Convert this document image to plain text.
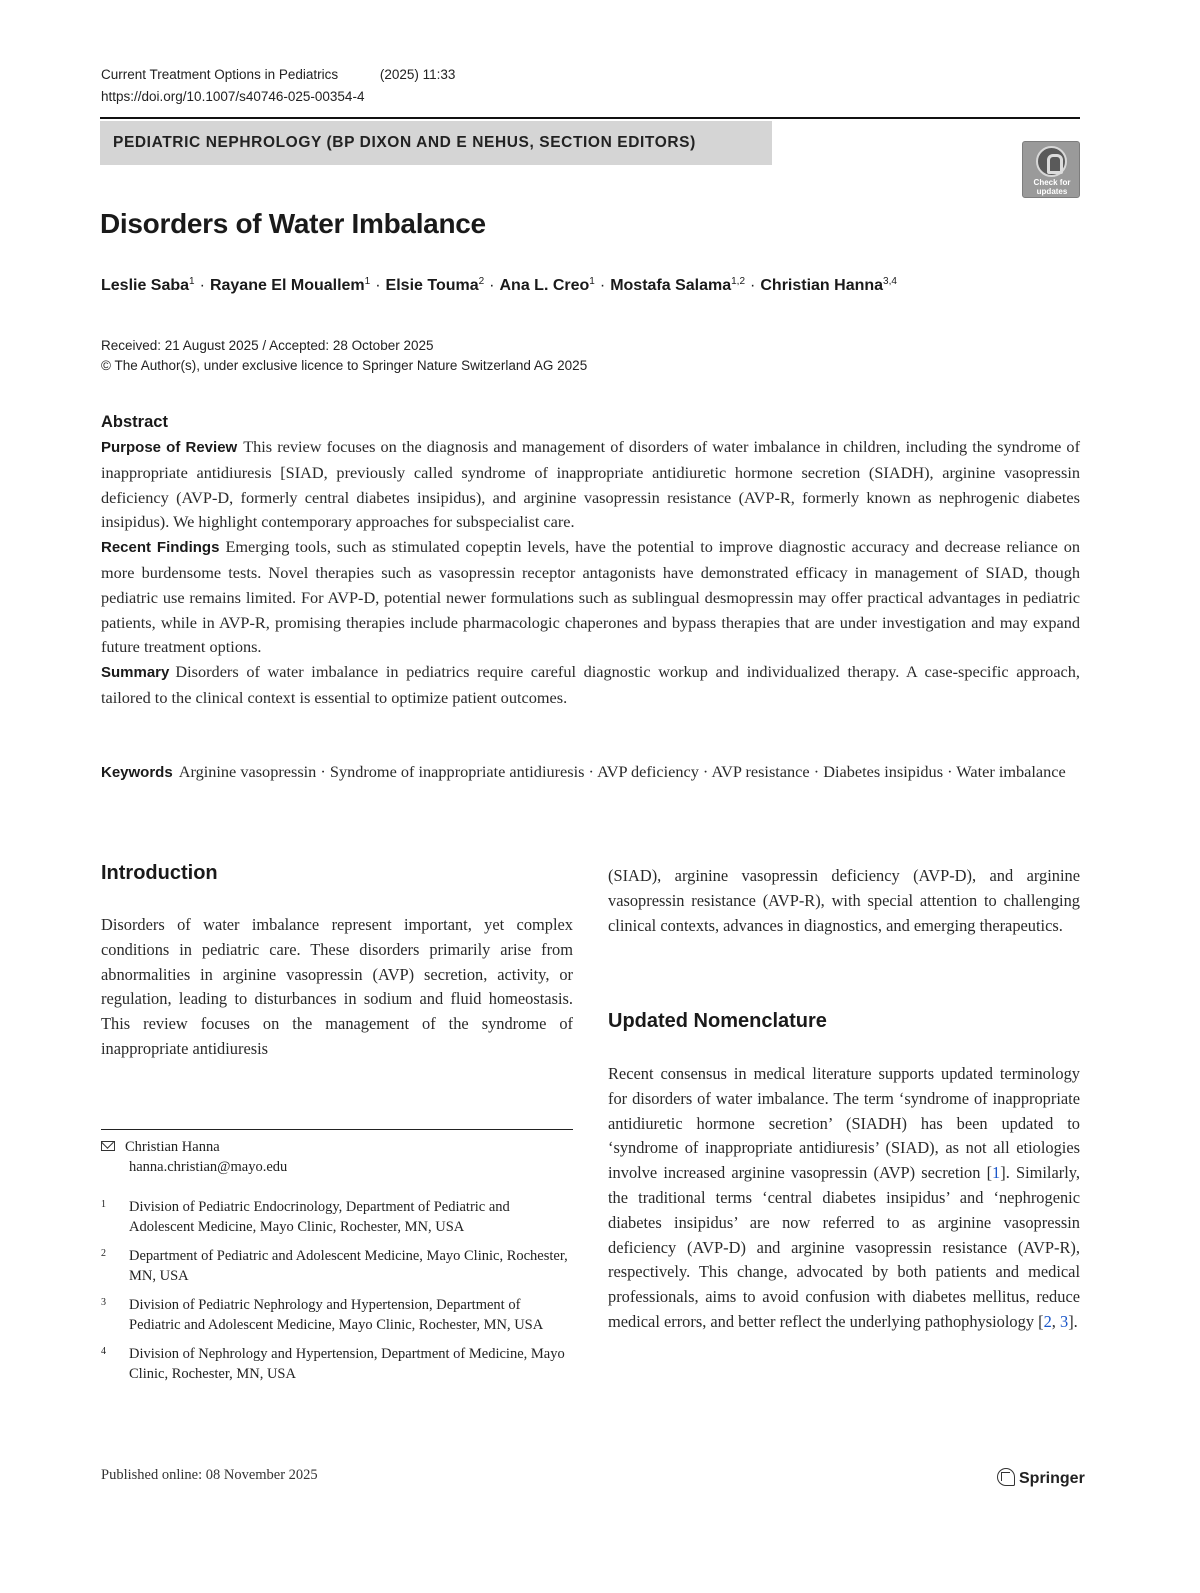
Current Treatment Options in Pediatrics	(2025) 11:33
https://doi.org/10.1007/s40746-025-00354-4
PEDIATRIC NEPHROLOGY (BP DIXON AND E NEHUS, SECTION EDITORS)
Check for
updates
Disorders of Water Imbalance
Leslie Saba$^1$ · Rayane El Mouallem$^1$ · Elsie Touma$^2$ · Ana L. Creo$^1$ · Mostafa Salama$^{1,2}$ · Christian Hanna$^{3,4}$
Received: 21 August 2025 / Accepted: 28 October 2025
© The Author(s), under exclusive licence to Springer Nature Switzerland AG 2025
Abstract

Purpose of Review This review focuses on the diagnosis and management of disorders of water imbalance in children, including the syndrome of inappropriate antidiuresis [SIAD, previously called syndrome of inappropriate antidiuretic hormone secretion (SIADH), arginine vasopressin deficiency (AVP-D, formerly central diabetes insipidus), and arginine vasopressin resistance (AVP-R, formerly known as nephrogenic diabetes insipidus). We highlight contemporary approaches for subspecialist care.

Recent Findings Emerging tools, such as stimulated copeptin levels, have the potential to improve diagnostic accuracy and decrease reliance on more burdensome tests. Novel therapies such as vasopressin receptor antagonists have demonstrated efficacy in management of SIAD, though pediatric use remains limited. For AVP-D, potential newer formulations such as sublingual desmopressin may offer practical advantages in pediatric patients, while in AVP-R, promising therapies include pharmacologic chaperones and bypass therapies that are under investigation and may expand future treatment options.

Summary Disorders of water imbalance in pediatrics require careful diagnostic workup and individualized therapy. A case-specific approach, tailored to the clinical context is essential to optimize patient outcomes.

Keywords Arginine vasopressin · Syndrome of inappropriate antidiuresis · AVP deficiency · AVP resistance · Diabetes insipidus · Water imbalance

Introduction

Disorders of water imbalance represent important, yet complex conditions in pediatric care. These disorders primarily arise from abnormalities in arginine vasopressin (AVP) secretion, activity, or regulation, leading to disturbances in sodium and fluid homeostasis. This review focuses on the management of the syndrome of inappropriate antidiuresis

(SIAD), arginine vasopressin deficiency (AVP-D), and arginine vasopressin resistance (AVP-R), with special attention to challenging clinical contexts, advances in diagnostics, and emerging therapeutics.

Updated Nomenclature

Recent consensus in medical literature supports updated terminology for disorders of water imbalance. The term ‘syndrome of inappropriate antidiuretic hormone secretion’ (SIADH) has been updated to ‘syndrome of inappropriate antidiuresis’ (SIAD), as not all etiologies involve increased arginine vasopressin (AVP) secretion [1]. Similarly, the traditional terms ‘central diabetes insipidus’ and ‘nephrogenic diabetes insipidus’ are now referred to as arginine vasopressin deficiency (AVP-D) and arginine vasopressin resistance (AVP-R), respectively. This change, advocated by both patients and medical professionals, aims to avoid confusion with diabetes mellitus, reduce medical errors, and better reflect the underlying pathophysiology [2, 3].

Christian Hanna
hanna.christian@mayo.edu
1 Division of Pediatric Endocrinology, Department of Pediatric and Adolescent Medicine, Mayo Clinic, Rochester, MN, USA
2 Department of Pediatric and Adolescent Medicine, Mayo Clinic, Rochester, MN, USA
3 Division of Pediatric Nephrology and Hypertension, Department of Pediatric and Adolescent Medicine, Mayo Clinic, Rochester, MN, USA
4 Division of Nephrology and Hypertension, Department of Medicine, Mayo Clinic, Rochester, MN, USA
Published online: 08 November 2025	Springer
